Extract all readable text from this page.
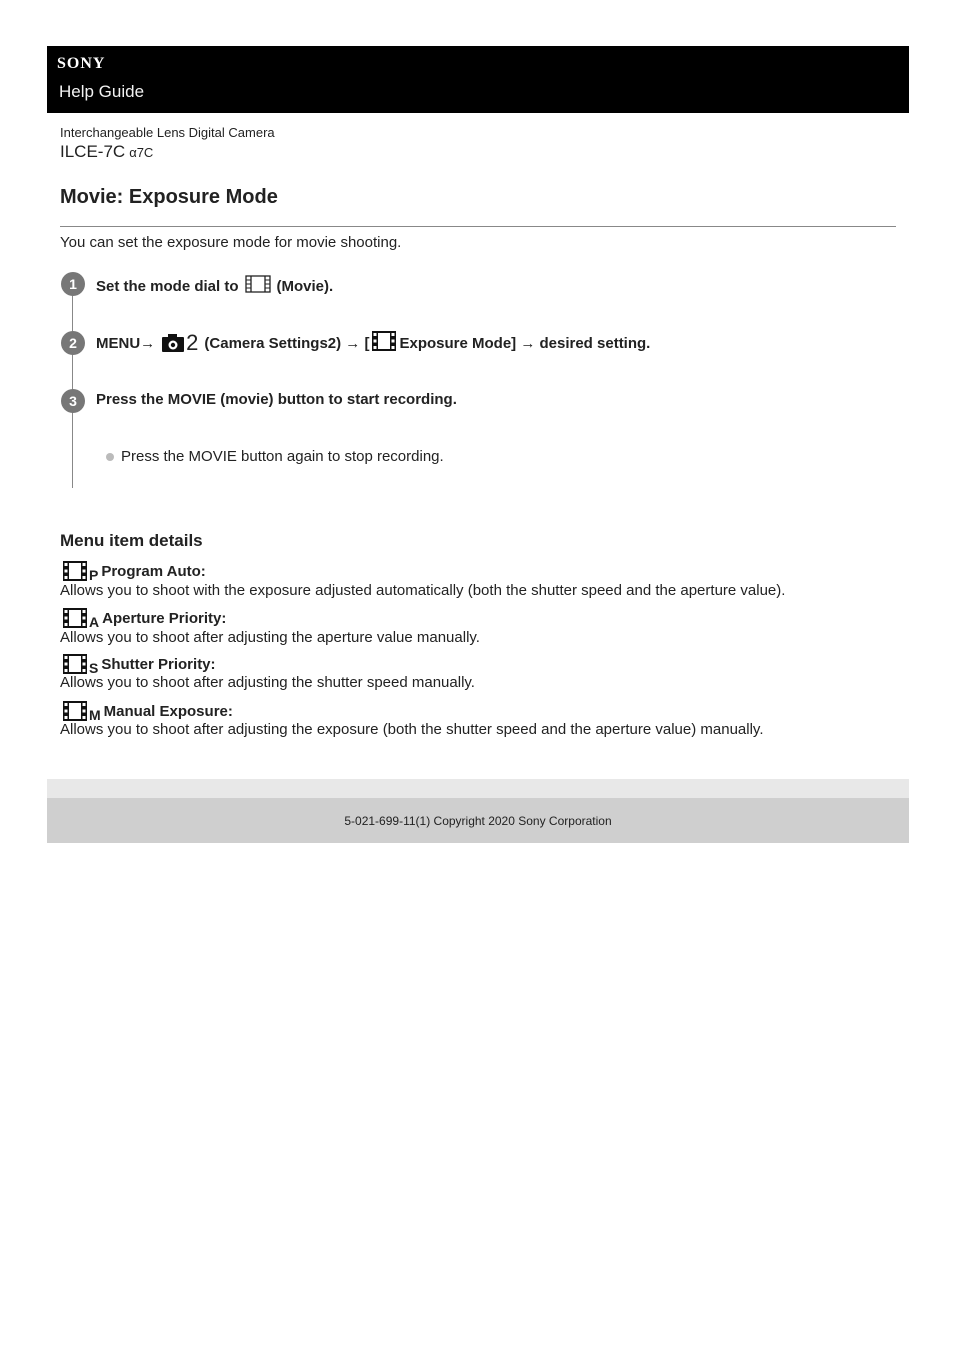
SONY
Help Guide
Interchangeable Lens Digital Camera
ILCE-7C α7C
Movie: Exposure Mode
You can set the exposure mode for movie shooting.
1	Set the mode dial to	(Movie).
2	MENU→ 2 (Camera Settings2) → [ Exposure Mode] → desired setting.
3	Press the MOVIE (movie) button to start recording.
Press the MOVIE button again to stop recording.
Menu item details
P Program Auto:
Allows you to shoot with the exposure adjusted automatically (both the shutter speed and the aperture value).
A Aperture Priority:
Allows you to shoot after adjusting the aperture value manually.
S Shutter Priority:
Allows you to shoot after adjusting the shutter speed manually.
M Manual Exposure:
Allows you to shoot after adjusting the exposure (both the shutter speed and the aperture value) manually.
5-021-699-11(1) Copyright 2020 Sony Corporation
